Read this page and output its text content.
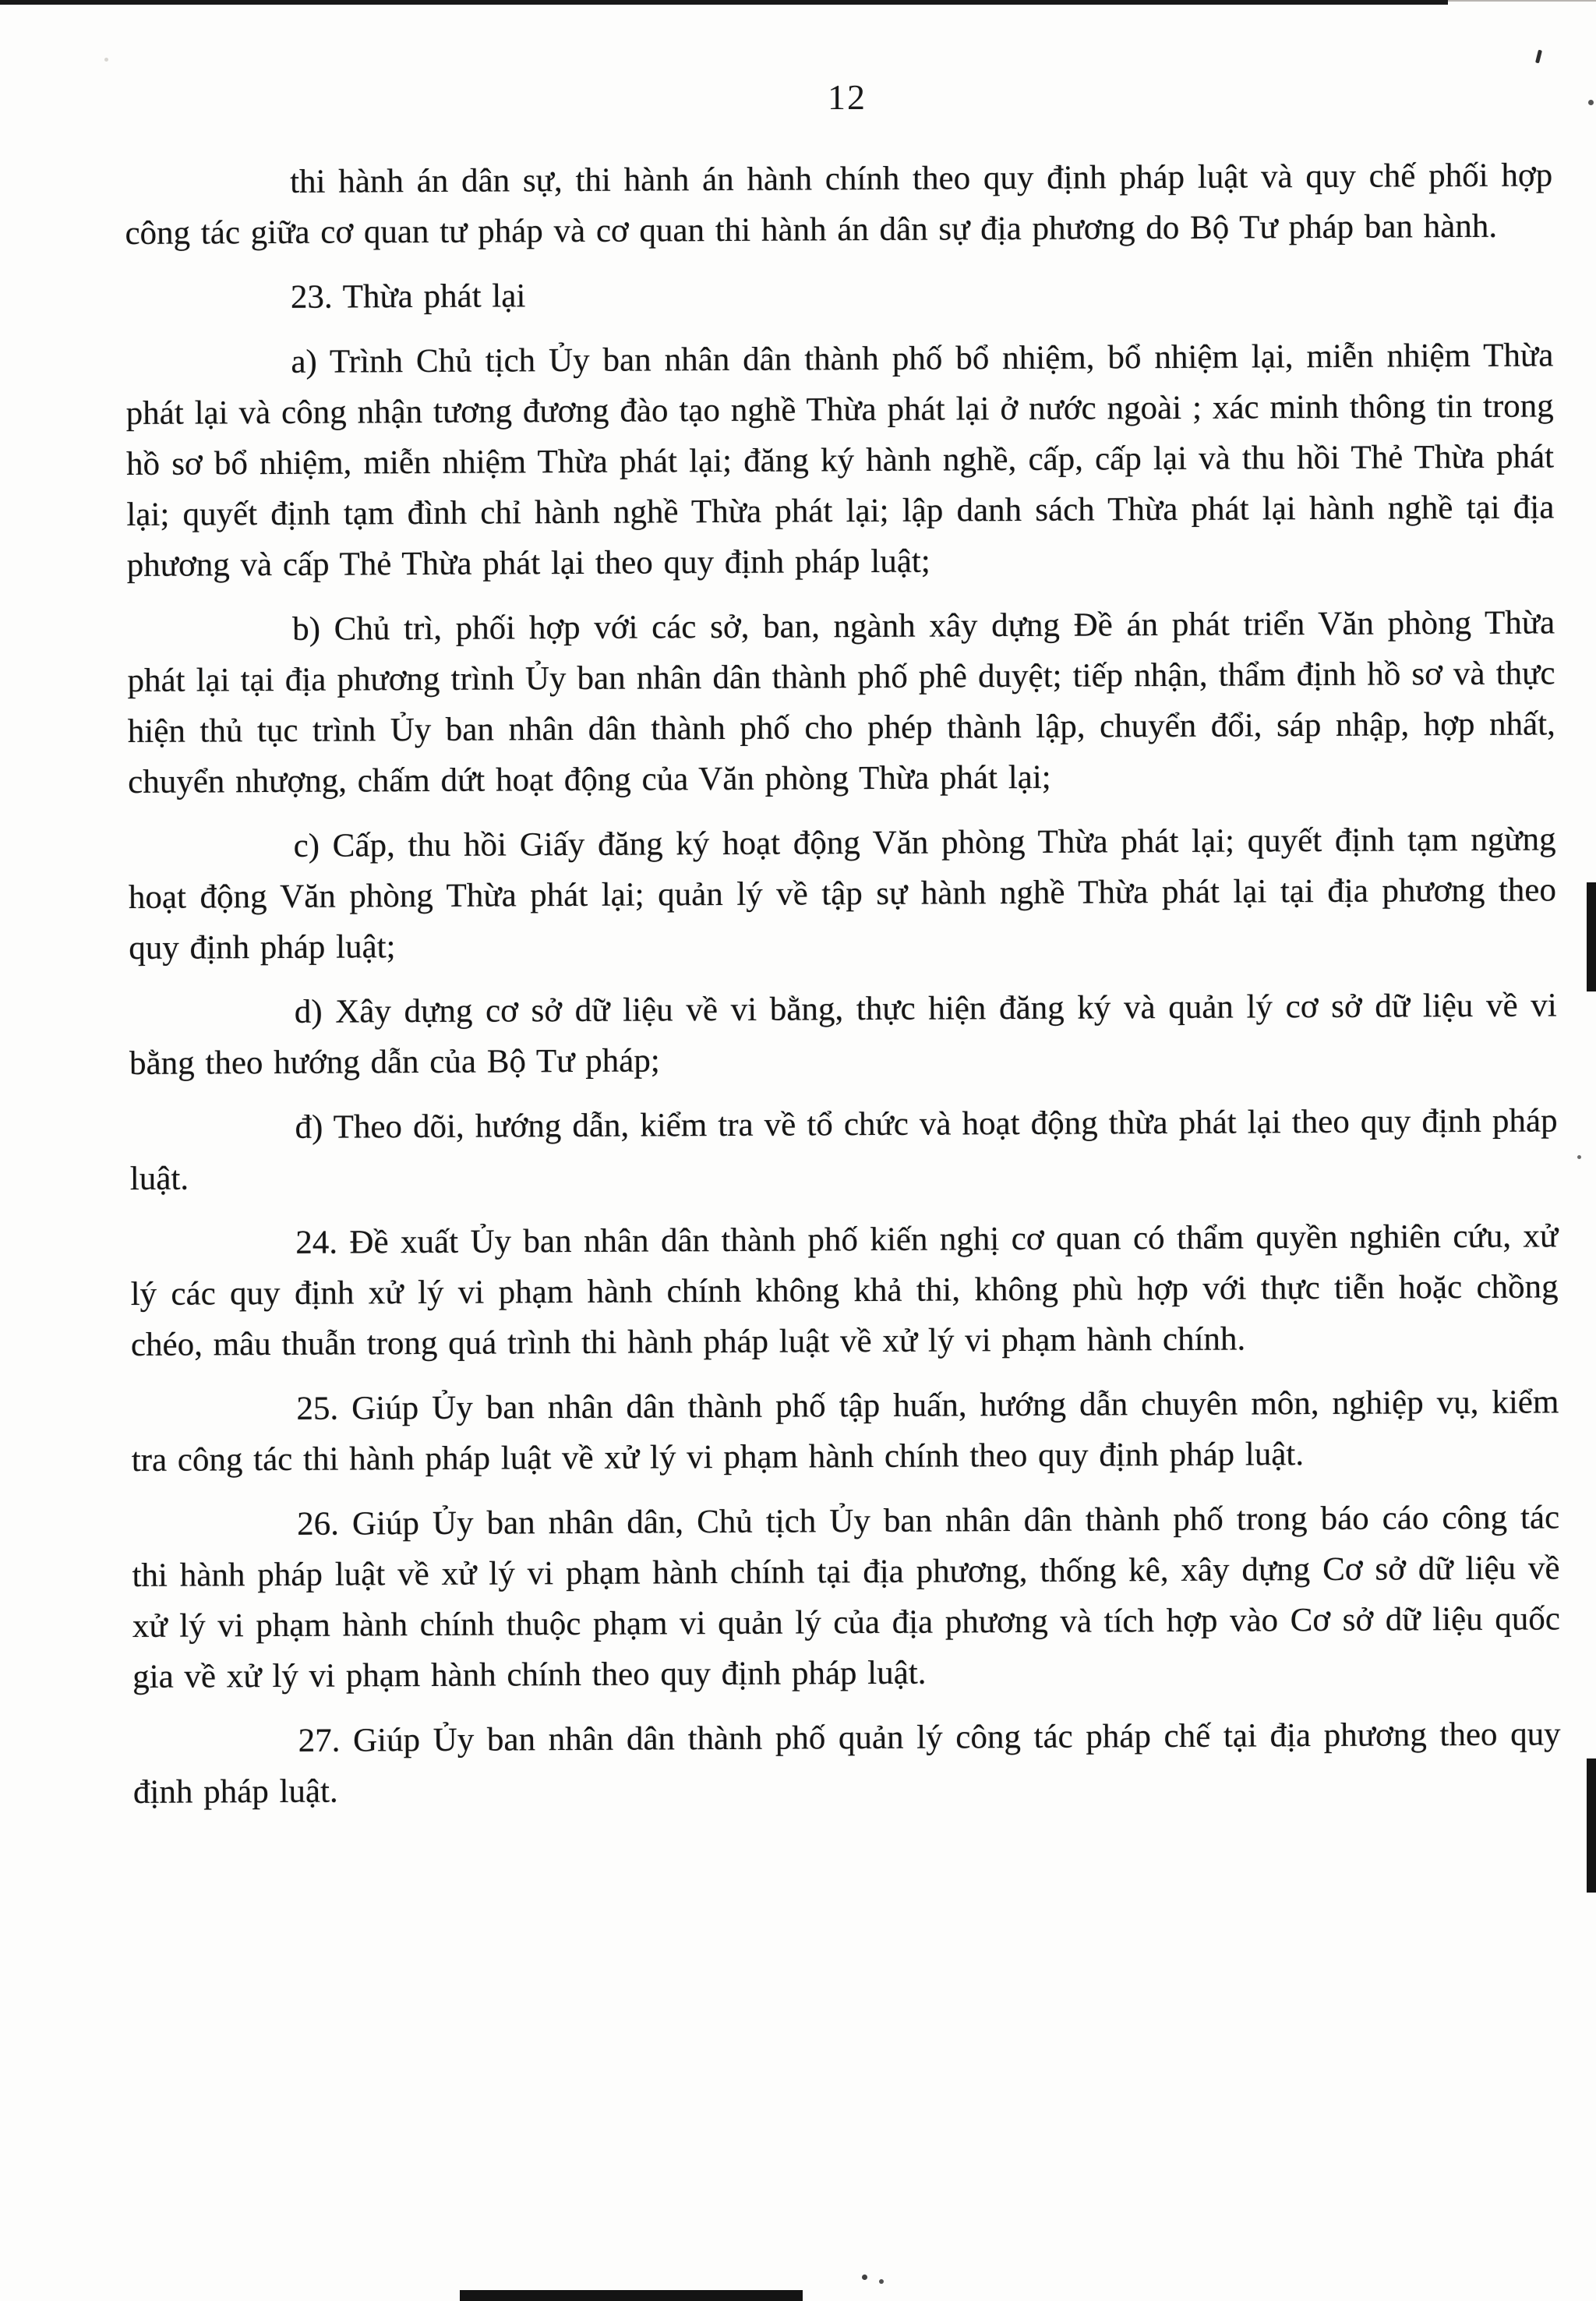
12

thi hành án dân sự, thi hành án hành chính theo quy định pháp luật và quy chế phối hợp công tác giữa cơ quan tư pháp và cơ quan thi hành án dân sự địa phương do Bộ Tư pháp ban hành.

23. Thừa phát lại

a) Trình Chủ tịch Ủy ban nhân dân thành phố bổ nhiệm, bổ nhiệm lại, miễn nhiệm Thừa phát lại và công nhận tương đương đào tạo nghề Thừa phát lại ở nước ngoài ; xác minh thông tin trong hồ sơ bổ nhiệm, miễn nhiệm Thừa phát lại; đăng ký hành nghề, cấp, cấp lại và thu hồi Thẻ Thừa phát lại; quyết định tạm đình chỉ hành nghề Thừa phát lại; lập danh sách Thừa phát lại hành nghề tại địa phương và cấp Thẻ Thừa phát lại theo quy định pháp luật;

b) Chủ trì, phối hợp với các sở, ban, ngành xây dựng Đề án phát triển Văn phòng Thừa phát lại tại địa phương trình Ủy ban nhân dân thành phố phê duyệt; tiếp nhận, thẩm định hồ sơ và thực hiện thủ tục trình Ủy ban nhân dân thành phố cho phép thành lập, chuyển đổi, sáp nhập, hợp nhất, chuyển nhượng, chấm dứt hoạt động của Văn phòng Thừa phát lại;

c) Cấp, thu hồi Giấy đăng ký hoạt động Văn phòng Thừa phát lại; quyết định tạm ngừng hoạt động Văn phòng Thừa phát lại; quản lý về tập sự hành nghề Thừa phát lại tại địa phương theo quy định pháp luật;

d) Xây dựng cơ sở dữ liệu về vi bằng, thực hiện đăng ký và quản lý cơ sở dữ liệu về vi bằng theo hướng dẫn của Bộ Tư pháp;

đ) Theo dõi, hướng dẫn, kiểm tra về tổ chức và hoạt động thừa phát lại theo quy định pháp luật.

24. Đề xuất Ủy ban nhân dân thành phố kiến nghị cơ quan có thẩm quyền nghiên cứu, xử lý các quy định xử lý vi phạm hành chính không khả thi, không phù hợp với thực tiễn hoặc chồng chéo, mâu thuẫn trong quá trình thi hành pháp luật về xử lý vi phạm hành chính.

25. Giúp Ủy ban nhân dân thành phố tập huấn, hướng dẫn chuyên môn, nghiệp vụ, kiểm tra công tác thi hành pháp luật về xử lý vi phạm hành chính theo quy định pháp luật.

26. Giúp Ủy ban nhân dân, Chủ tịch Ủy ban nhân dân thành phố trong báo cáo công tác thi hành pháp luật về xử lý vi phạm hành chính tại địa phương, thống kê, xây dựng Cơ sở dữ liệu về xử lý vi phạm hành chính thuộc phạm vi quản lý của địa phương và tích hợp vào Cơ sở dữ liệu quốc gia về xử lý vi phạm hành chính theo quy định pháp luật.

27. Giúp Ủy ban nhân dân thành phố quản lý công tác pháp chế tại địa phương theo quy định pháp luật.
